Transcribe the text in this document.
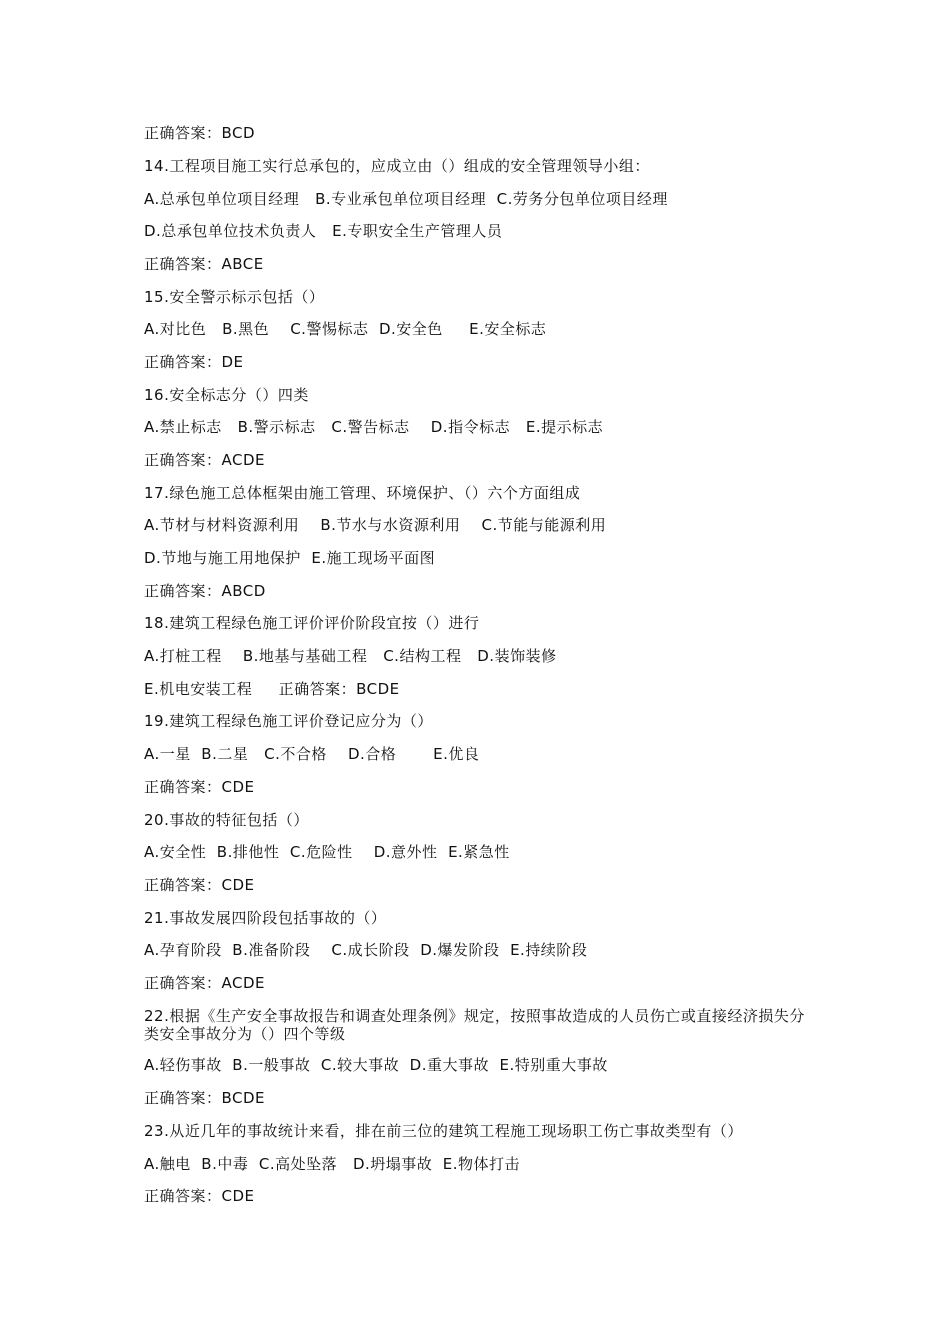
正确答案：BCD
14.工程项目施工实行总承包的，应成立由（）组成的安全管理领导小组：
A.总承包单位项目经理   B.专业承包单位项目经理  C.劳务分包单位项目经理
D.总承包单位技术负责人   E.专职安全生产管理人员
正确答案：ABCE
15.安全警示标示包括（）
A.对比色   B.黑色    C.警惕标志  D.安全色     E.安全标志
正确答案：DE
16.安全标志分（）四类
A.禁止标志   B.警示标志   C.警告标志    D.指令标志   E.提示标志
正确答案：ACDE
17.绿色施工总体框架由施工管理、环境保护、（）六个方面组成
A.节材与材料资源利用    B.节水与水资源利用    C.节能与能源利用
D.节地与施工用地保护  E.施工现场平面图
正确答案：ABCD
18.建筑工程绿色施工评价评价阶段宜按（）进行
A.打桩工程    B.地基与基础工程   C.结构工程   D.装饰装修
E.机电安装工程     正确答案：BCDE
19.建筑工程绿色施工评价登记应分为（）
A.一星  B.二星   C.不合格    D.合格       E.优良
正确答案：CDE
20.事故的特征包括（）
A.安全性  B.排他性  C.危险性    D.意外性  E.紧急性
正确答案：CDE
21.事故发展四阶段包括事故的（）
A.孕育阶段  B.准备阶段    C.成长阶段  D.爆发阶段  E.持续阶段
正确答案：ACDE
22.根据《生产安全事故报告和调查处理条例》规定，按照事故造成的人员伤亡或直接经济损失分类安全事故分为（）四个等级
A.轻伤事故  B.一般事故  C.较大事故  D.重大事故  E.特别重大事故
正确答案：BCDE
23.从近几年的事故统计来看，排在前三位的建筑工程施工现场职工伤亡事故类型有（）
A.触电  B.中毒  C.高处坠落   D.坍塌事故  E.物体打击
正确答案：CDE
